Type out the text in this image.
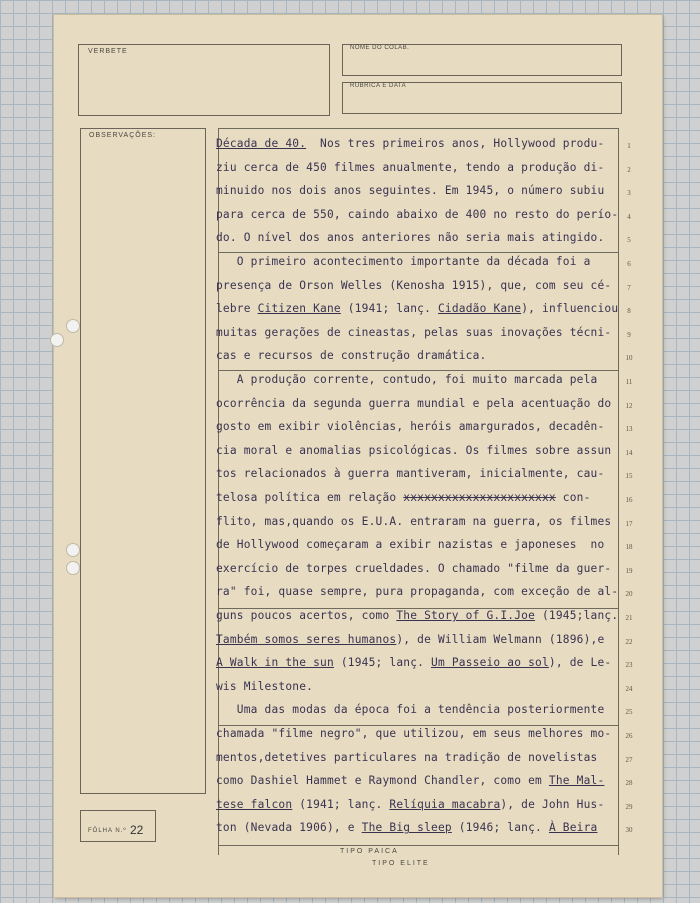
VERBETE	NOME DO COLAB.
RUBRICA E DATA
OBSERVAÇÕES:
FÔLHA N.º 22
Década de 40.  Nos tres primeiros anos, Hollywood produ-
ziu cerca de 450 filmes anualmente, tendo a produção di-
minuido nos dois anos seguintes. Em 1945, o número subiu
para cerca de 550, caindo abaixo de 400 no resto do perío-
do. O nível dos anos anteriores não seria mais atingido.
O primeiro acontecimento importante da década foi a
presença de Orson Welles (Kenosha 1915), que, com seu cé-
lebre Citizen Kane (1941; lanç. Cidadão Kane), influenciou
muitas gerações de cineastas, pelas suas inovações técni-
cas e recursos de construção dramática.
A produção corrente, contudo, foi muito marcada pela
ocorrência da segunda guerra mundial e pela acentuação do
gosto em exibir violências, heróis amargurados, decadên-
cia moral e anomalias psicológicas. Os filmes sobre assun
tos relacionados à guerra mantiveram, inicialmente, cau-
telosa política em relação xxxxxxxxxxxxxxxxxxxxxx con-
flito, mas,quando os E.U.A. entraram na guerra, os filmes
de Hollywood começaram a exibir nazistas e japoneses  no
exercício de torpes crueldades. O chamado "filme da guer-
ra" foi, quase sempre, pura propaganda, com exceção de al-
guns poucos acertos, como The Story of G.I.Joe (1945;lanç.
Também somos seres humanos), de William Welmann (1896),e
A Walk in the sun (1945; lanç. Um Passeio ao sol), de Le-
wis Milestone.
Uma das modas da época foi a tendência posteriormente
chamada "filme negro", que utilizou, em seus melhores mo-
mentos,detetives particulares na tradição de novelistas
como Dashiel Hammet e Raymond Chandler, como em The Mal-
tese falcon (1941; lanç. Relíquia macabra), de John Hus-
ton (Nevada 1906), e The Big sleep (1946; lanç. À Beira
1
2
3
4
5
6
7
8
9
10
11
12
13
14
15
16
17
18
19
20
21
22
23
24
25
26
27
28
29
30
TIPO PAICA
TIPO ELITE
